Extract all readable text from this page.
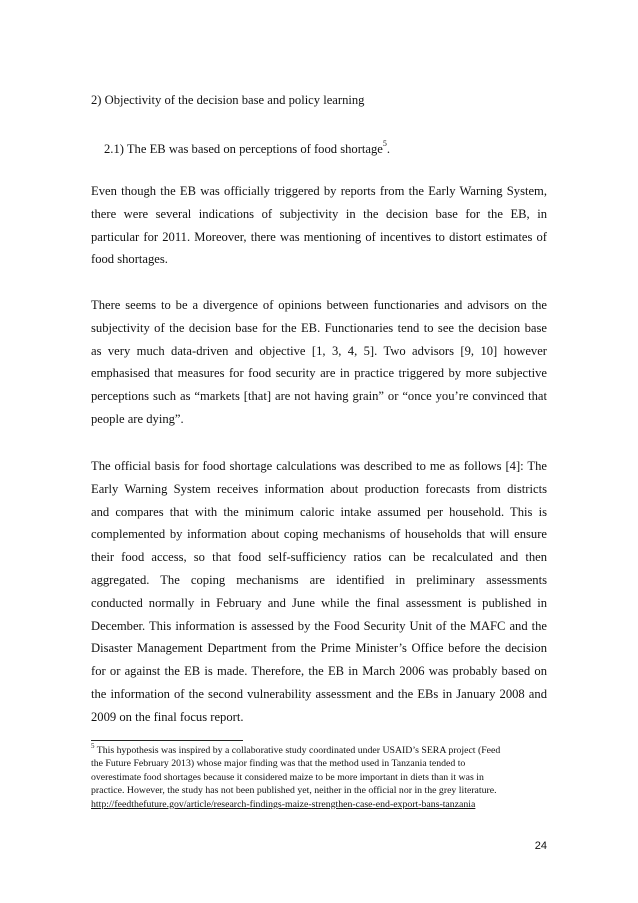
2) Objectivity of the decision base and policy learning

2.1) The EB was based on perceptions of food shortage$^5$.

Even though the EB was officially triggered by reports from the Early Warning System,
there were several indications of subjectivity in the decision base for the EB, in
particular for 2011. Moreover, there was mentioning of incentives to distort estimates of
food shortages.

There seems to be a divergence of opinions between functionaries and advisors on the
subjectivity of the decision base for the EB. Functionaries tend to see the decision base
as very much data-driven and objective [1, 3, 4, 5]. Two advisors [9, 10] however
emphasised that measures for food security are in practice triggered by more subjective
perceptions such as “markets [that] are not having grain” or “once you’re convinced that
people are dying”.

The official basis for food shortage calculations was described to me as follows [4]: The
Early Warning System receives information about production forecasts from districts
and compares that with the minimum caloric intake assumed per household. This is
complemented by information about coping mechanisms of households that will ensure
their food access, so that food self-sufficiency ratios can be recalculated and then
aggregated. The coping mechanisms are identified in preliminary assessments
conducted normally in February and June while the final assessment is published in
December. This information is assessed by the Food Security Unit of the MAFC and the
Disaster Management Department from the Prime Minister’s Office before the decision
for or against the EB is made. Therefore, the EB in March 2006 was probably based on
the information of the second vulnerability assessment and the EBs in January 2008 and
2009 on the final focus report.

$^5$ This hypothesis was inspired by a collaborative study coordinated under USAID’s SERA project (Feed
the Future February 2013) whose major finding was that the method used in Tanzania tended to
overestimate food shortages because it considered maize to be more important in diets than it was in
practice. However, the study has not been published yet, neither in the official nor in the grey literature.
http://feedthefuture.gov/article/research-findings-maize-strengthen-case-end-export-bans-tanzania

24
